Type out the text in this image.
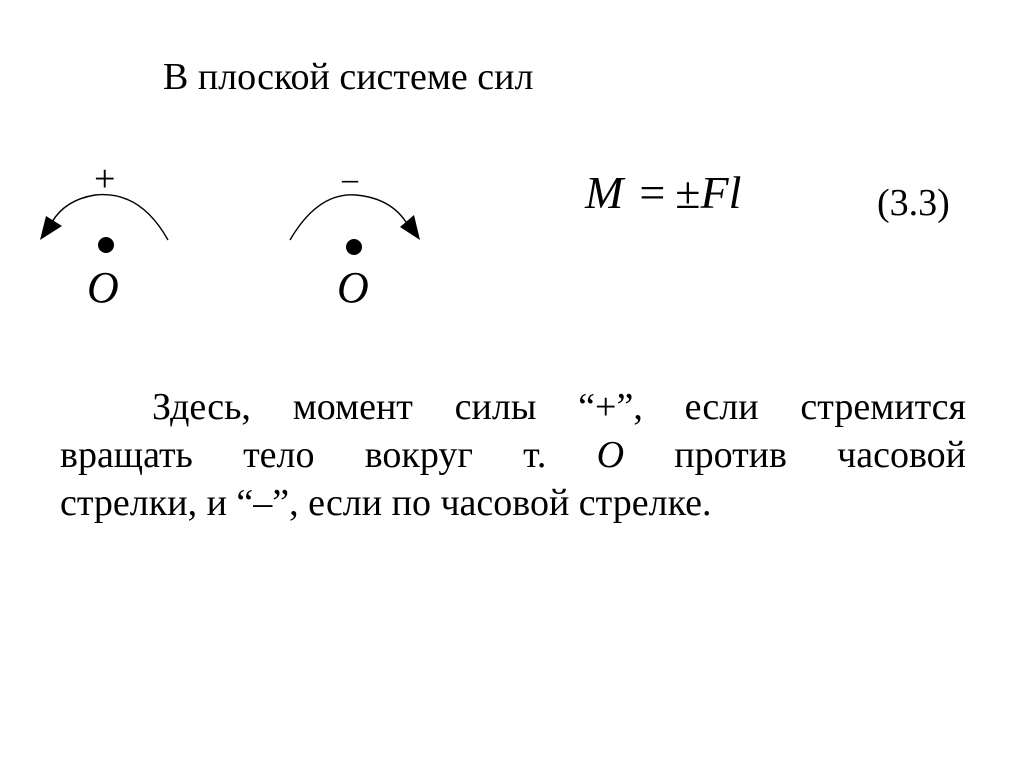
В плоской системе сил
+	–
O	O
M = ±Fl	(3.3)
Здесь, момент силы “+”, если стремится
вращать тело вокруг т. O против часовой
стрелки, и “–”, если по часовой стрелке.
